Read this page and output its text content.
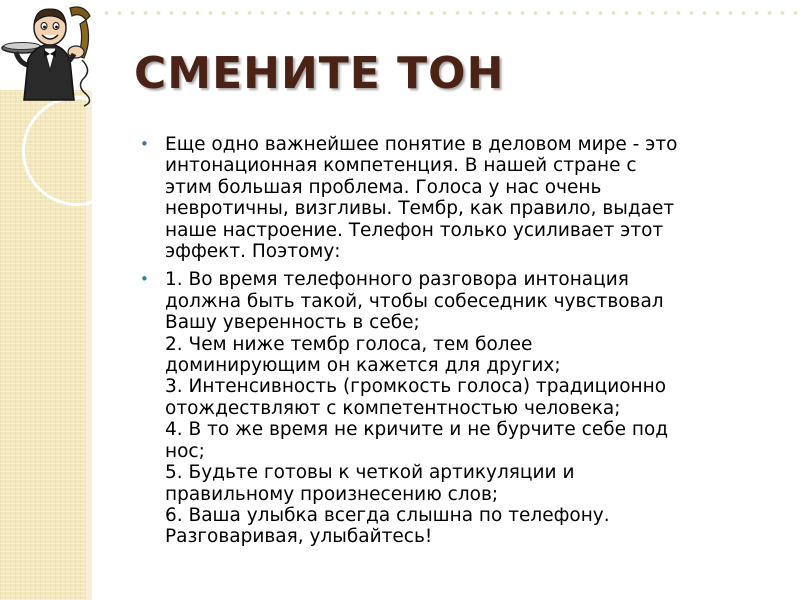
СМЕНИТЕ ТОН
• Еще одно важнейшее понятие в деловом мире - это
интонационная компетенция. В нашей стране с
этим большая проблема. Голоса у нас очень
невротичны, визгливы. Тембр, как правило, выдает
наше настроение. Телефон только усиливает этот
эффект. Поэтому:
• 1. Во время телефонного разговора интонация
должна быть такой, чтобы собеседник чувствовал
Вашу уверенность в себе;
2. Чем ниже тембр голоса, тем более
доминирующим он кажется для других;
3. Интенсивность (громкость голоса) традиционно
отождествляют с компетентностью человека;
4. В то же время не кричите и не бурчите себе под
нос;
5. Будьте готовы к четкой артикуляции и
правильному произнесению слов;
6. Ваша улыбка всегда слышна по телефону.
Разговаривая, улыбайтесь!
